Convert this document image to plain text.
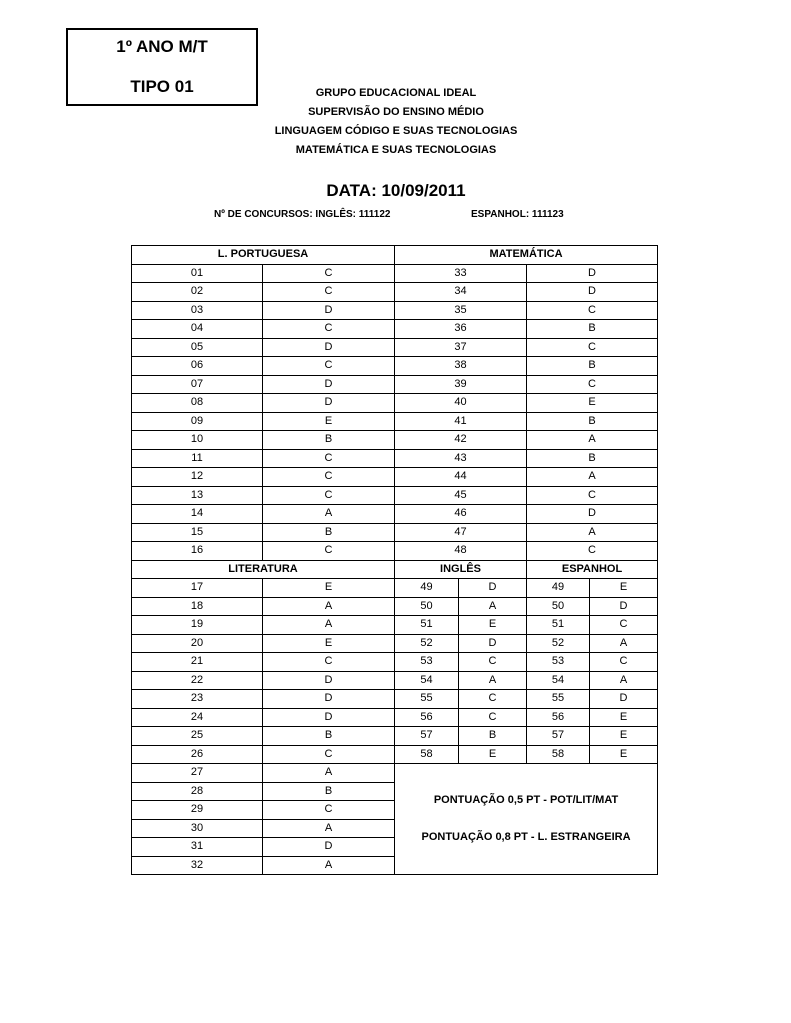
1º ANO M/T
TIPO 01	GRUPO EDUCACIONAL IDEAL
SUPERVISÃO DO ENSINO MÉDIO
LINGUAGEM CÓDIGO E SUAS TECNOLOGIAS
MATEMÁTICA E SUAS TECNOLOGIAS
DATA: 10/09/2011
Nº DE CONCURSOS: INGLÊS: 111122	ESPANHOL: 111123
L. PORTUGUESA		MATEMÁTICA			
01	C	33		D	
02	C	34		D	
03	D	35		C	
04	C	36		B	
05	D	37		C	
06	C	38		B	
07	D	39		C	
08	D	40		E	
09	E	41		B	
10	B	42		A	
11	C	43		B	
12	C	44		A	
13	C	45		C	
14	A	46		D	
15	B	47		A	
16	C	48		C	
LITERATURA		INGLÊS		ESPANHOL	
17	E	49	D	49	E
18	A	50	A	50	D
19	A	51	E	51	C
20	E	52	D	52	A
21	C	53	C	53	C
22	D	54	A	54	A
23	D	55	C	55	D
24	D	56	C	56	E
25	B	57	B	57	E
26	C	58	E	58	E
27	A	PONTUAÇÃO 0,5 PT - POT/LIT/MAT
PONTUAÇÃO 0,8 PT - L. ESTRANGEIRA			

28	B				
29	C				
30	A				
31	D				
32	A				
